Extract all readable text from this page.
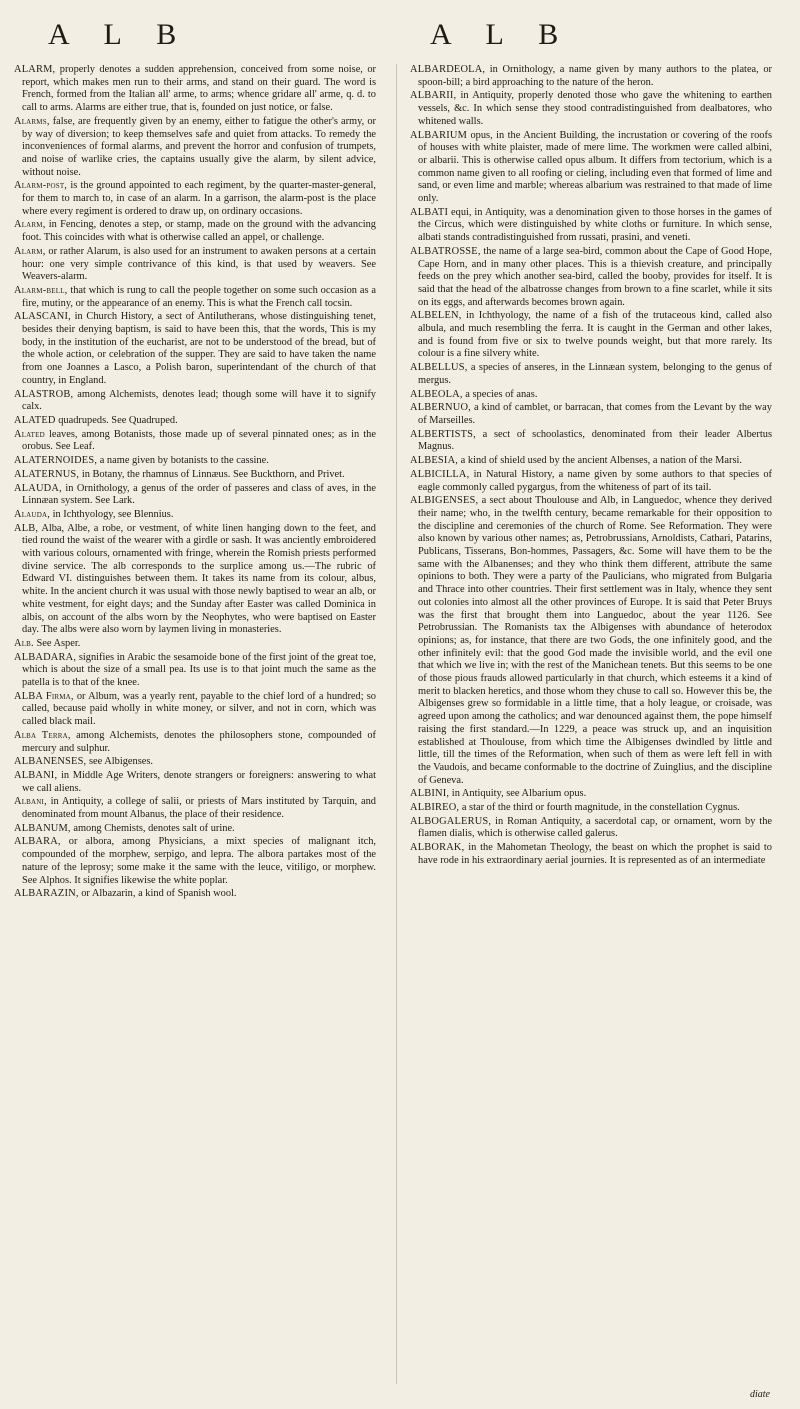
A L B	A L B

ALARM, properly denotes a sudden apprehension, conceived from some noise, or report, which makes men run to their arms, and stand on their guard. The word is French, formed from the Italian all' arme, to arms; whence gridare all' arme, q. d. to call to arms. Alarms are either true, that is, founded on just notice, or false.

Alarms, false, are frequently given by an enemy, either to fatigue the other's army, or by way of diversion; to keep themselves safe and quiet from attacks. To remedy the inconveniences of formal alarms, and prevent the horror and confusion of trumpets, and noise of warlike cries, the captains usually give the alarm, by silent advice, without noise.

Alarm-post, is the ground appointed to each regiment, by the quarter-master-general, for them to march to, in case of an alarm. In a garrison, the alarm-post is the place where every regiment is ordered to draw up, on ordinary occasions.

Alarm, in Fencing, denotes a step, or stamp, made on the ground with the advancing foot. This coincides with what is otherwise called an appel, or challenge.

Alarm, or rather Alarum, is also used for an instrument to awaken persons at a certain hour: one very simple contrivance of this kind, is that used by weavers. See Weavers-alarm.

Alarm-bell, that which is rung to call the people together on some such occasion as a fire, mutiny, or the appearance of an enemy. This is what the French call tocsin.

ALASCANI, in Church History, a sect of Antilutherans, whose distinguishing tenet, besides their denying baptism, is said to have been this, that the words, This is my body, in the institution of the eucharist, are not to be understood of the bread, but of the whole action, or celebration of the supper. They are said to have taken the name from one Joannes a Lasco, a Polish baron, superintendant of the church of that country, in England.

ALASTROB, among Alchemists, denotes lead; though some will have it to signify calx.

ALATED quadrupeds. See Quadruped.

Alated leaves, among Botanists, those made up of several pinnated ones; as in the orobus. See Leaf.

ALATERNOIDES, a name given by botanists to the cassine.

ALATERNUS, in Botany, the rhamnus of Linnæus. See Buckthorn, and Privet.

ALAUDA, in Ornithology, a genus of the order of passeres and class of aves, in the Linnæan system. See Lark.

Alauda, in Ichthyology, see Blennius.

ALB, Alba, Albe, a robe, or vestment, of white linen hanging down to the feet, and tied round the waist of the wearer with a girdle or sash. It was anciently embroidered with various colours, ornamented with fringe, wherein the Romish priests performed divine service. The alb corresponds to the surplice among us.—The rubric of Edward VI. distinguishes between them. It takes its name from its colour, albus, white. In the ancient church it was usual with those newly baptised to wear an alb, or white vestment, for eight days; and the Sunday after Easter was called Dominica in albis, on account of the albs worn by the Neophytes, who were baptised on Easter day. The albs were also worn by laymen living in monasteries.

Alb. See Asper.

ALBADARA, signifies in Arabic the sesamoide bone of the first joint of the great toe, which is about the size of a small pea. Its use is to that joint much the same as the patella is to that of the knee.

ALBA Firma, or Album, was a yearly rent, payable to the chief lord of a hundred; so called, because paid wholly in white money, or silver, and not in corn, which was called black mail.

Alba Terra, among Alchemists, denotes the philosophers stone, compounded of mercury and sulphur.

ALBANENSES, see Albigenses.

ALBANI, in Middle Age Writers, denote strangers or foreigners: answering to what we call aliens.

Albani, in Antiquity, a college of salii, or priests of Mars instituted by Tarquin, and denominated from mount Albanus, the place of their residence.

ALBANUM, among Chemists, denotes salt of urine.

ALBARA, or albora, among Physicians, a mixt species of malignant itch, compounded of the morphew, serpigo, and lepra. The albora partakes most of the nature of the leprosy; some make it the same with the leuce, vitiligo, or morphew. See Alphos. It signifies likewise the white poplar.

ALBARAZIN, or Albazarin, a kind of Spanish wool.

ALBARDEOLA, in Ornithology, a name given by many authors to the platea, or spoon-bill; a bird approaching to the nature of the heron.

ALBARII, in Antiquity, properly denoted those who gave the whitening to earthen vessels, &c. In which sense they stood contradistinguished from dealbatores, who whitened walls.

ALBARIUM opus, in the Ancient Building, the incrustation or covering of the roofs of houses with white plaister, made of mere lime. The workmen were called albini, or albarii. This is otherwise called opus album. It differs from tectorium, which is a common name given to all roofing or cieling, including even that formed of lime and sand, or even lime and marble; whereas albarium was restrained to that made of lime only.

ALBATI equi, in Antiquity, was a denomination given to those horses in the games of the Circus, which were distinguished by white cloths or furniture. In which sense, albati stands contradistinguished from russati, prasini, and veneti.

ALBATROSSE, the name of a large sea-bird, common about the Cape of Good Hope, Cape Horn, and in many other places. This is a thievish creature, and principally feeds on the prey which another sea-bird, called the booby, provides for itself. It is said that the head of the albatrosse changes from brown to a fine scarlet, while it sits on its eggs, and afterwards becomes brown again.

ALBELEN, in Ichthyology, the name of a fish of the trutaceous kind, called also albula, and much resembling the ferra. It is caught in the German and other lakes, and is found from five or six to twelve pounds weight, but that more rarely. Its colour is a fine silvery white.

ALBELLUS, a species of anseres, in the Linnæan system, belonging to the genus of mergus.

ALBEOLA, a species of anas.

ALBERNUO, a kind of camblet, or barracan, that comes from the Levant by the way of Marseilles.

ALBERTISTS, a sect of schoolastics, denominated from their leader Albertus Magnus.

ALBESIA, a kind of shield used by the ancient Albenses, a nation of the Marsi.

ALBICILLA, in Natural History, a name given by some authors to that species of eagle commonly called pygargus, from the whiteness of part of its tail.

ALBIGENSES, a sect about Thoulouse and Alb, in Languedoc, whence they derived their name; who, in the twelfth century, became remarkable for their opposition to the discipline and ceremonies of the church of Rome. See Reformation. They were also known by various other names; as, Petrobrussians, Arnoldists, Cathari, Patarins, Publicans, Tisserans, Bon-hommes, Passagers, &c. Some will have them to be the same with the Albanenses; and they who think them different, attribute the same opinions to both. They were a party of the Paulicians, who migrated from Bulgaria and Thrace into other countries. Their first settlement was in Italy, whence they sent out colonies into almost all the other provinces of Europe. It is said that Peter Bruys was the first that brought them into Languedoc, about the year 1126. See Petrobrussian. The Romanists tax the Albigenses with abundance of heterodox opinions; as, for instance, that there are two Gods, the one infinitely good, and the other infinitely evil: that the good God made the invisible world, and the evil one that which we live in; with the rest of the Manichean tenets. But this seems to be one of those pious frauds allowed particularly in that church, which esteems it a kind of merit to blacken heretics, and those whom they chuse to call so. However this be, the Albigenses grew so formidable in a little time, that a holy league, or croisade, was agreed upon among the catholics; and war denounced against them, the pope himself raising the first standard.—In 1229, a peace was struck up, and an inquisition established at Thoulouse, from which time the Albigenses dwindled by little and little, till the times of the Reformation, when such of them as were left fell in with the Vaudois, and became conformable to the doctrine of Zuinglius, and the discipline of Geneva.

ALBINI, in Antiquity, see Albarium opus.

ALBIREO, a star of the third or fourth magnitude, in the constellation Cygnus.

ALBOGALERUS, in Roman Antiquity, a sacerdotal cap, or ornament, worn by the flamen dialis, which is otherwise called galerus.

ALBORAK, in the Mahometan Theology, the beast on which the prophet is said to have rode in his extraordinary aerial journies. It is represented as of an intermediate

diate
